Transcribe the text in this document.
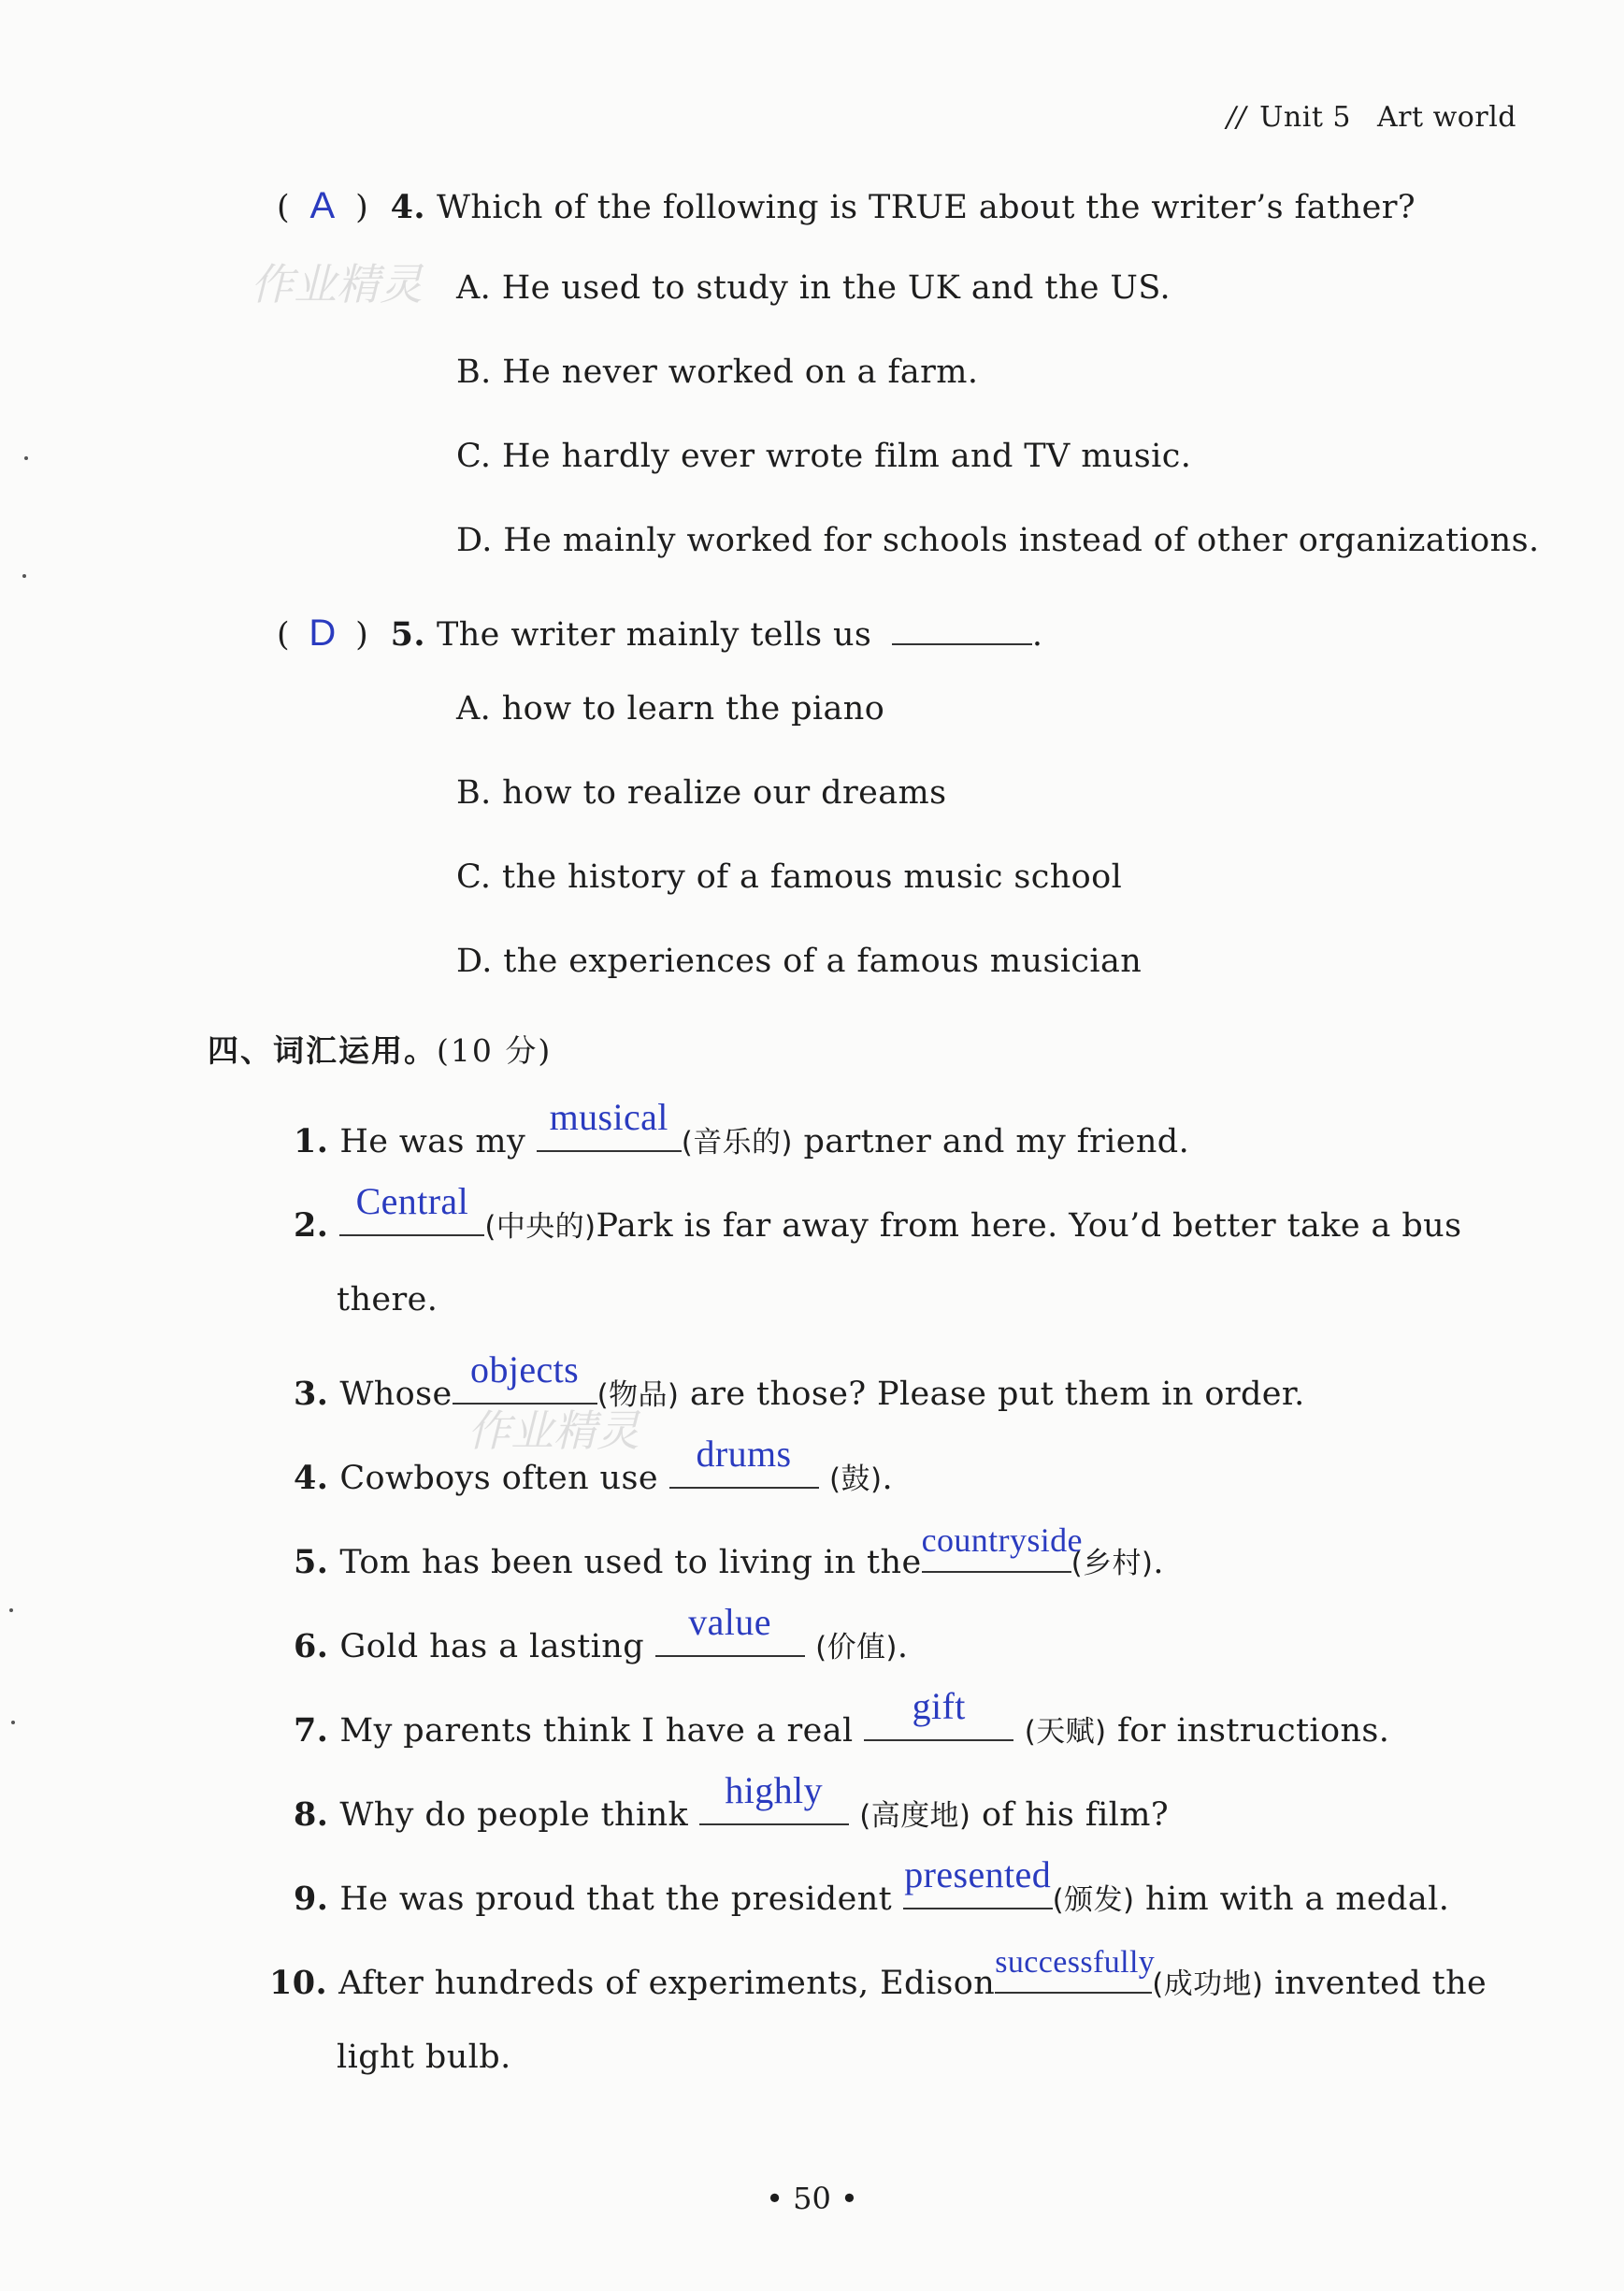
// Unit 5 Art world
作业精灵
作业精灵
( A ) 4. Which of the following is TRUE about the writer’s father?
A. He used to study in the UK and the US.
B. He never worked on a farm.
C. He hardly ever wrote film and TV music.
D. He mainly worked for schools instead of other organizations.
( D ) 5. The writer mainly tells us	.
A. how to learn the piano
B. how to realize our dreams
C. the history of a famous music school
D. the experiences of a famous musician
四、词汇运用。(10 分)
1. He was my
musical
(音乐的) partner and my friend.
2.
Central
(中央的)Park is far away from here. You’d better take a bus
there.
3. Whose
objects
(物品) are those? Please put them in order.
4. Cowboys often use
drums
(鼓).
5. Tom has been used to living in the
countryside
(乡村).
6. Gold has a lasting
value
(价值).
7. My parents think I have a real
gift
(天赋) for instructions.
8. Why do people think
highly
(高度地) of his film?
9. He was proud that the president
presented
(颁发) him with a medal.
10. After hundreds of experiments, Edison
successfully
(成功地) invented the
light bulb.
• 50 •
